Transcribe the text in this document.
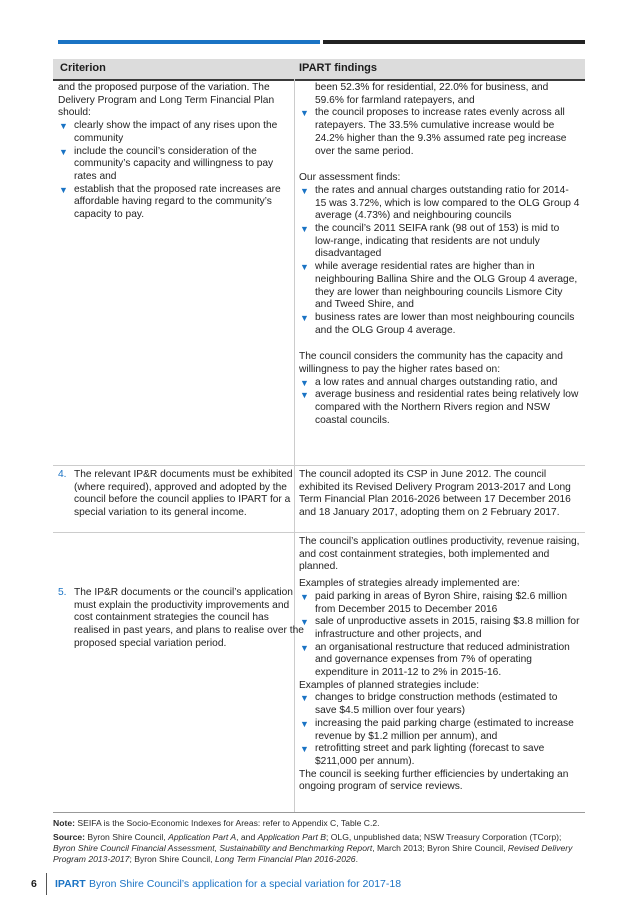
Criterion	IPART findings

and the proposed purpose of the variation. The Delivery Program and Long Term Financial Plan should:

▼ clearly show the impact of any rises upon the community

▼ include the council’s consideration of the community’s capacity and willingness to pay rates and

▼ establish that the proposed rate increases are affordable having regard to the community’s capacity to pay.

been 52.3% for residential, 22.0% for business, and 59.6% for farmland ratepayers, and

▼ the council proposes to increase rates evenly across all ratepayers. The 33.5% cumulative increase would be 24.2% higher than the 9.3% assumed rate peg increase over the same period.

Our assessment finds:

▼ the rates and annual charges outstanding ratio for 2014-15 was 3.72%, which is low compared to the OLG Group 4 average (4.73%) and neighbouring councils

▼ the council’s 2011 SEIFA rank (98 out of 153) is mid to low-range, indicating that residents are not unduly disadvantaged

▼ while average residential rates are higher than in neighbouring Ballina Shire and the OLG Group 4 average, they are lower than neighbouring councils Lismore City and Tweed Shire, and

▼ business rates are lower than most neighbouring councils and the OLG Group 4 average.

The council considers the community has the capacity and willingness to pay the higher rates based on:

▼ a low rates and annual charges outstanding ratio, and

▼ average business and residential rates being relatively low compared with the Northern Rivers region and NSW coastal councils.

4. The relevant IP&R documents must be exhibited (where required), approved and adopted by the council before the council applies to IPART for a special variation to its general income.

The council adopted its CSP in June 2012. The council exhibited its Revised Delivery Program 2013-2017 and Long Term Financial Plan 2016-2026 between 17 December 2016 and 18 January 2017, adopting them on 2 February 2017.

5. The IP&R documents or the council’s application must explain the productivity improvements and cost containment strategies the council has realised in past years, and plans to realise over the proposed special variation period.

The council’s application outlines productivity, revenue raising, and cost containment strategies, both implemented and planned.

Examples of strategies already implemented are:

▼ paid parking in areas of Byron Shire, raising $2.6 million from December 2015 to December 2016

▼ sale of unproductive assets in 2015, raising $3.8 million for infrastructure and other projects, and

▼ an organisational restructure that reduced administration and governance expenses from 7% of operating expenditure in 2011-12 to 2% in 2015-16.

Examples of planned strategies include:

▼ changes to bridge construction methods (estimated to save $4.5 million over four years)

▼ increasing the paid parking charge (estimated to increase revenue by $1.2 million per annum), and

▼ retrofitting street and park lighting (forecast to save $211,000 per annum).

The council is seeking further efficiencies by undertaking an ongoing program of service reviews.

Note: SEIFA is the Socio-Economic Indexes for Areas: refer to Appendix C, Table C.2.
Source: Byron Shire Council, Application Part A, and Application Part B; OLG, unpublished data; NSW Treasury Corporation (TCorp); Byron Shire Council Financial Assessment, Sustainability and Benchmarking Report, March 2013; Byron Shire Council, Revised Delivery Program 2013-2017; Byron Shire Council, Long Term Financial Plan 2016-2026.
6 IPART Byron Shire Council’s application for a special variation for 2017-18
